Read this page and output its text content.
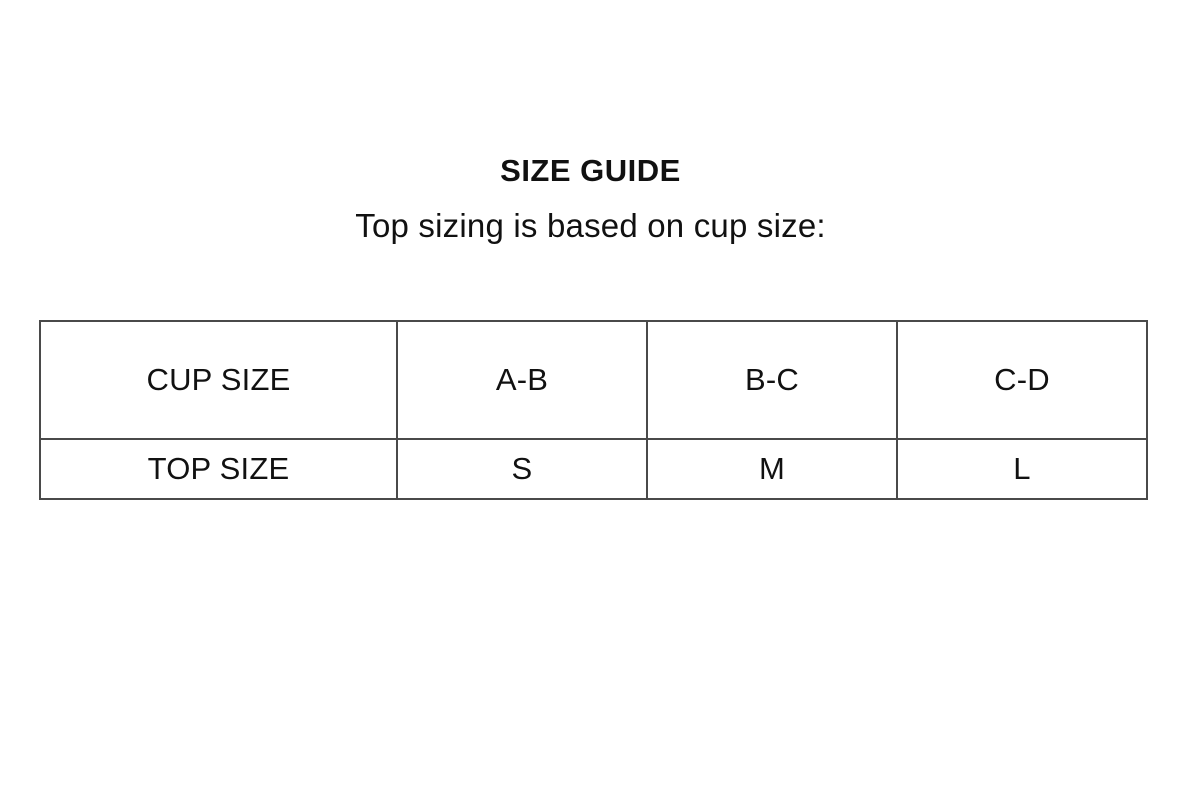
SIZE GUIDE
Top sizing is based on cup size:
CUP SIZE	A-B	B-C	C-D
TOP SIZE	S	M	L
